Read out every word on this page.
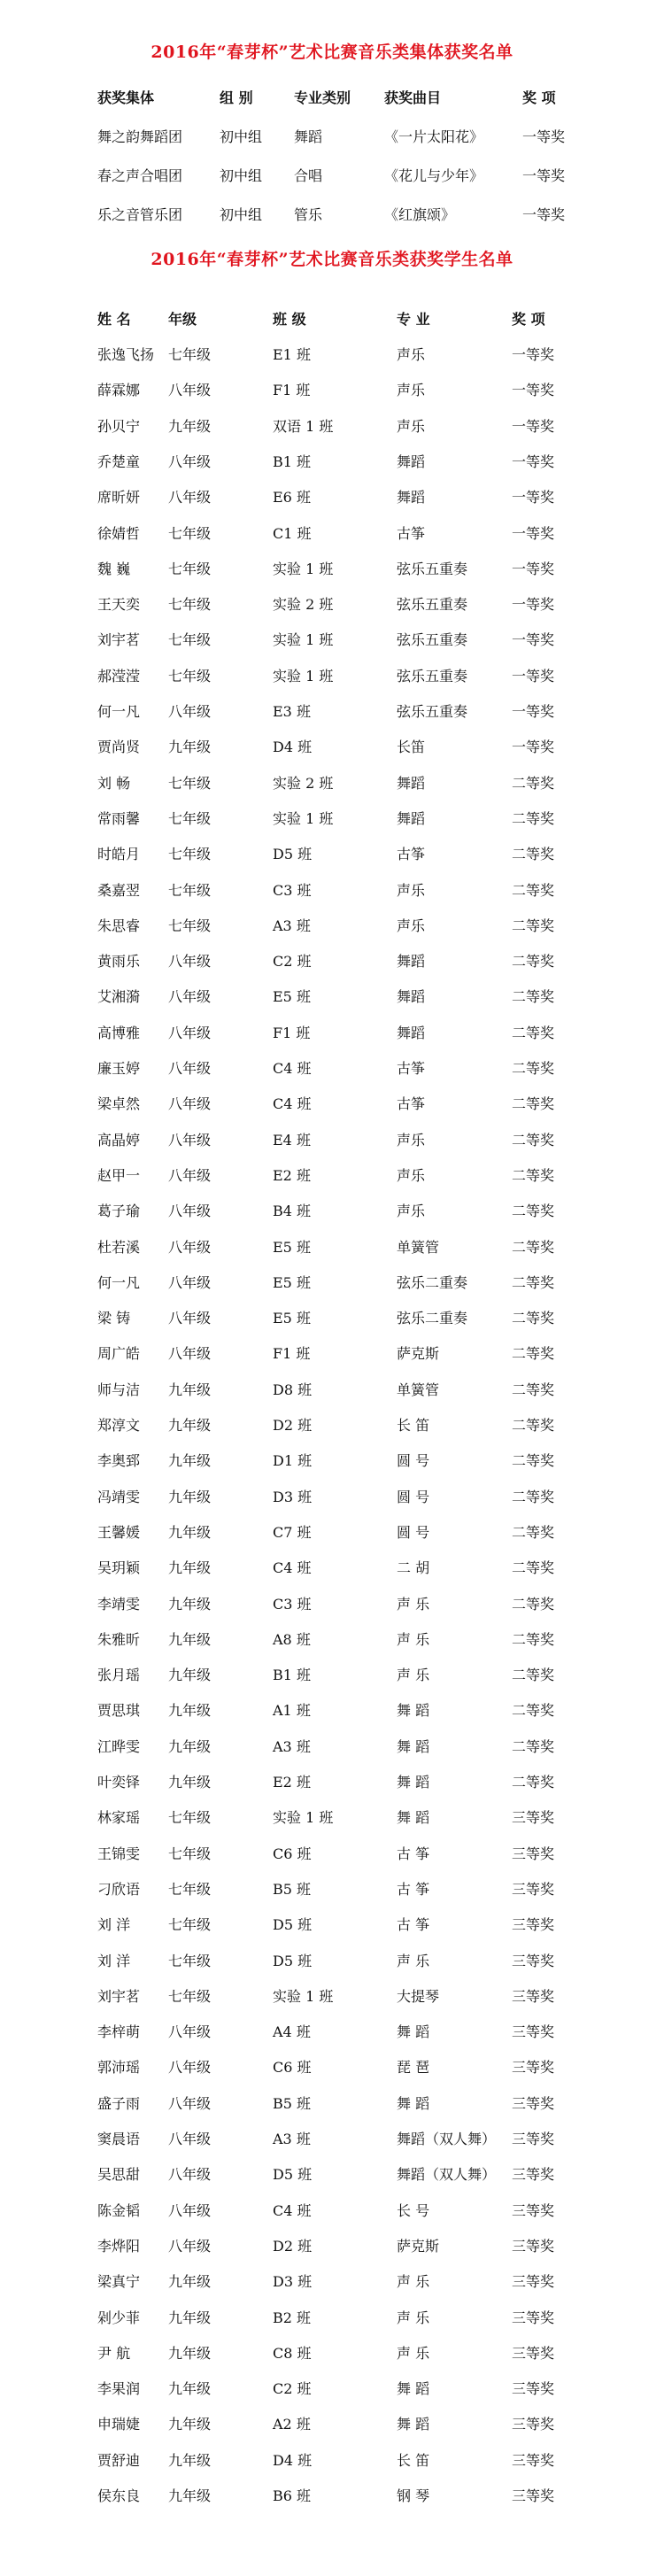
2016年“春芽杯”艺术比赛音乐类集体获奖名单
获奖集体	组 别	专业类别 获奖曲目	奖 项
舞之韵舞蹈团	初中组 舞蹈	《一片太阳花》	一等奖
春之声合唱团	初中组 合唱	《花儿与少年》	一等奖
乐之音管乐团	初中组 管乐	《红旗颂》	一等奖
2016年“春芽杯”艺术比赛音乐类获奖学生名单
姓 名	年级	班 级	专 业	奖 项
张逸飞扬 七年级	E1 班	声乐	一等奖
薛霖娜 八年级	F1 班	声乐	一等奖
孙贝宁 九年级	双语 1 班	声乐	一等奖
乔楚童 八年级	B1 班	舞蹈	一等奖
席昕妍 八年级	E6 班	舞蹈	一等奖
徐婧哲 七年级	C1 班	古筝	一等奖
魏 巍	七年级	实验 1 班	弦乐五重奏	一等奖
王天奕 七年级	实验 2 班	弦乐五重奏	一等奖
刘宇茗 七年级	实验 1 班	弦乐五重奏	一等奖
郝滢滢 七年级	实验 1 班	弦乐五重奏	一等奖
何一凡 八年级	E3 班	弦乐五重奏	一等奖
贾尚贤 九年级	D4 班	长笛	一等奖
刘 畅	七年级	实验 2 班	舞蹈	二等奖
常雨馨 七年级	实验 1 班	舞蹈	二等奖
时皓月 七年级	D5 班	古筝	二等奖
桑嘉翌 七年级	C3 班	声乐	二等奖
朱思睿 七年级	A3 班	声乐	二等奖
黄雨乐 八年级	C2 班	舞蹈	二等奖
艾湘漪 八年级	E5 班	舞蹈	二等奖
高博雅 八年级	F1 班	舞蹈	二等奖
廉玉婷 八年级	C4 班	古筝	二等奖
梁卓然 八年级	C4 班	古筝	二等奖
高晶婷 八年级	E4 班	声乐	二等奖
赵甲一 八年级	E2 班	声乐	二等奖
葛子瑜 八年级	B4 班	声乐	二等奖
杜若溪 八年级	E5 班	单簧管	二等奖
何一凡 八年级	E5 班	弦乐二重奏	二等奖
梁 铸	八年级	E5 班	弦乐二重奏	二等奖
周广皓 八年级	F1 班	萨克斯	二等奖
师与洁 九年级	D8 班	单簧管	二等奖
郑淳文 九年级	D2 班	长 笛	二等奖
李奥郅 九年级	D1 班	圆 号	二等奖
冯靖雯 九年级	D3 班	圆 号	二等奖
王馨媛 九年级	C7 班	圆 号	二等奖
吴玥颖 九年级	C4 班	二 胡	二等奖
李靖雯 九年级	C3 班	声 乐	二等奖
朱雅昕 九年级	A8 班	声 乐	二等奖
张月瑶 九年级	B1 班	声 乐	二等奖
贾思琪 九年级	A1 班	舞 蹈	二等奖
江晔雯 九年级	A3 班	舞 蹈	二等奖
叶奕铎 九年级	E2 班	舞 蹈	二等奖
林家瑶 七年级	实验 1 班	舞 蹈	三等奖
王锦雯 七年级	C6 班	古 筝	三等奖
刁欣语 七年级	B5 班	古 筝	三等奖
刘 洋	七年级	D5 班	古 筝	三等奖
刘 洋	七年级	D5 班	声 乐	三等奖
刘宇茗 七年级	实验 1 班	大提琴	三等奖
李梓萌 八年级	A4 班	舞 蹈	三等奖
郭沛瑶 八年级	C6 班	琵 琶	三等奖
盛子雨 八年级	B5 班	舞 蹈	三等奖
窦晨语 八年级	A3 班	舞蹈（双人舞） 三等奖
吴思甜 八年级	D5 班	舞蹈（双人舞） 三等奖
陈金韬 八年级	C4 班	长 号	三等奖
李烨阳 八年级	D2 班	萨克斯	三等奖
梁真宁 九年级	D3 班	声 乐	三等奖
剁少菲 九年级	B2 班	声 乐	三等奖
尹 航	九年级	C8 班	声 乐	三等奖
李果润 九年级	C2 班	舞 蹈	三等奖
申瑞婕 九年级	A2 班	舞 蹈	三等奖
贾舒迪 九年级	D4 班	长 笛	三等奖
侯东良 九年级	B6 班	钢 琴	三等奖
